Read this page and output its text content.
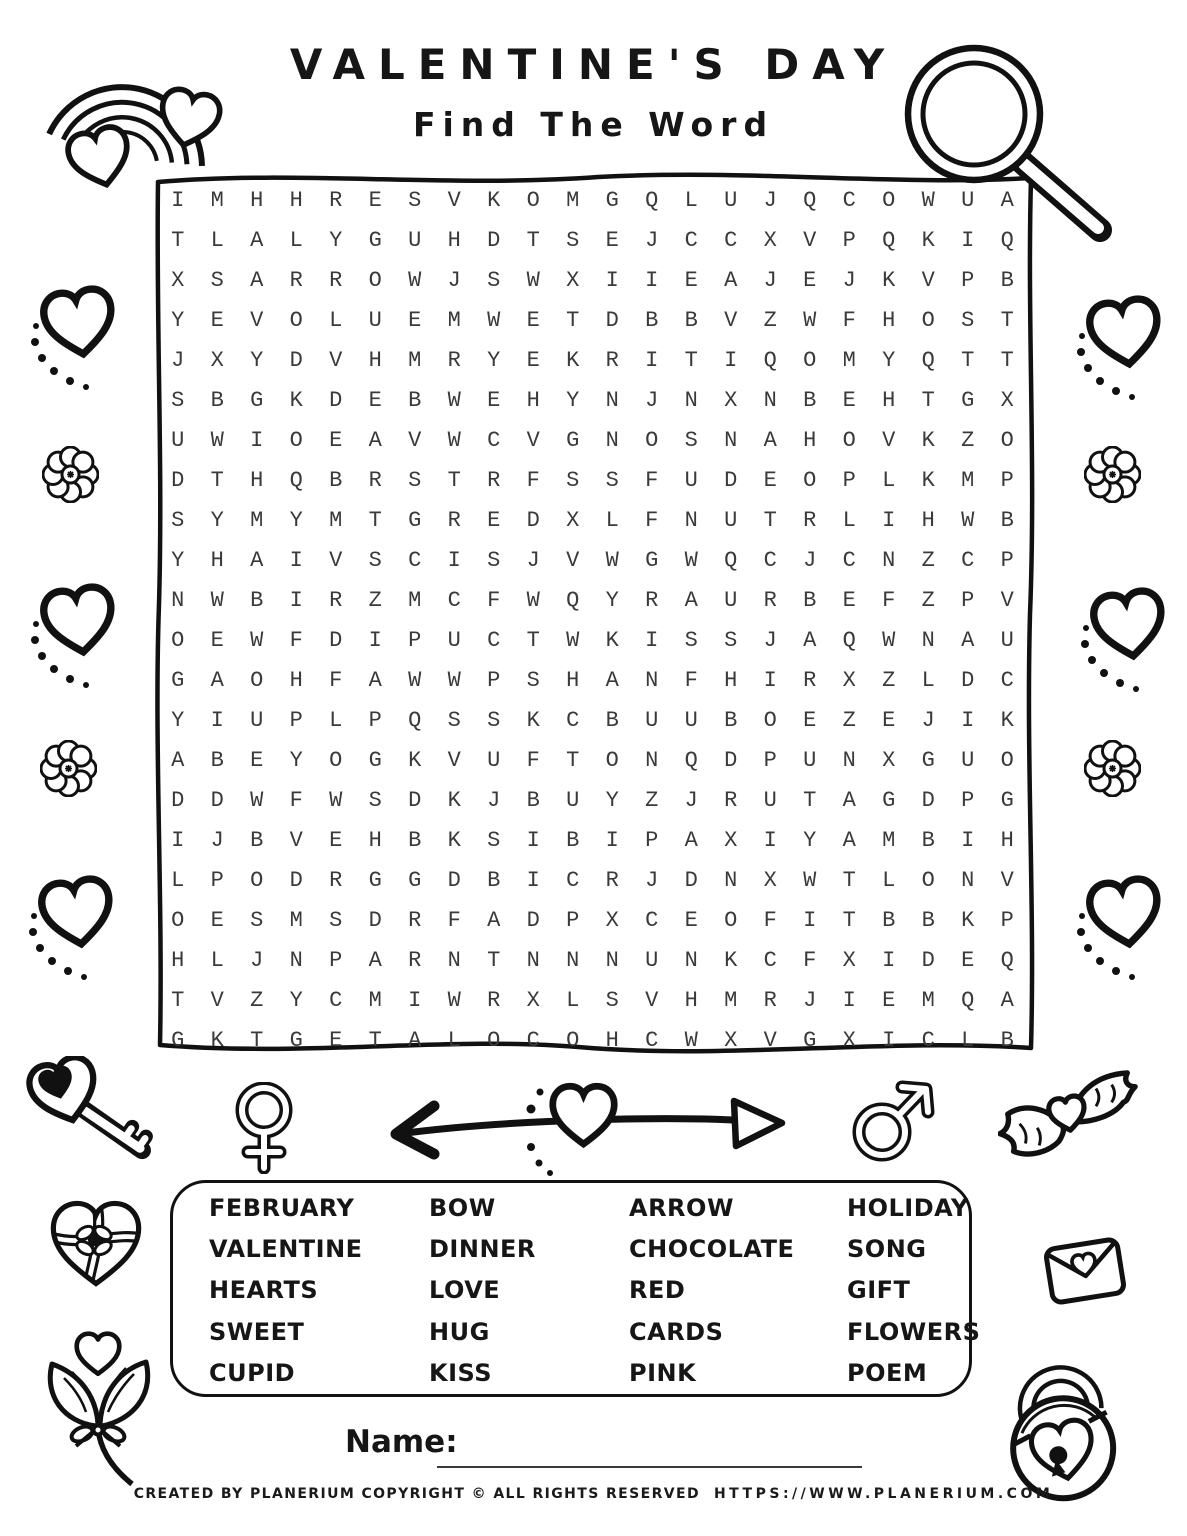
VALENTINE'S DAY
Find The Word
I	M	H	H	R	E	S	V	K	O	M	G	Q	L	U	J	Q	C	O	W	U	A
T	L	A	L	Y	G	U	H	D	T	S	E	J	C	C	X	V	P	Q	K	I	Q
X	S	A	R	R	O	W	J	S	W	X	I	I	E	A	J	E	J	K	V	P	B
Y	E	V	O	L	U	E	M	W	E	T	D	B	B	V	Z	W	F	H	O	S	T
J	X	Y	D	V	H	M	R	Y	E	K	R	I	T	I	Q	O	M	Y	Q	T	T
S	B	G	K	D	E	B	W	E	H	Y	N	J	N	X	N	B	E	H	T	G	X
U	W	I	O	E	A	V	W	C	V	G	N	O	S	N	A	H	O	V	K	Z	O
D	T	H	Q	B	R	S	T	R	F	S	S	F	U	D	E	O	P	L	K	M	P
S	Y	M	Y	M	T	G	R	E	D	X	L	F	N	U	T	R	L	I	H	W	B
Y	H	A	I	V	S	C	I	S	J	V	W	G	W	Q	C	J	C	N	Z	C	P
N	W	B	I	R	Z	M	C	F	W	Q	Y	R	A	U	R	B	E	F	Z	P	V
O	E	W	F	D	I	P	U	C	T	W	K	I	S	S	J	A	Q	W	N	A	U
G	A	O	H	F	A	W	W	P	S	H	A	N	F	H	I	R	X	Z	L	D	C
Y	I	U	P	L	P	Q	S	S	K	C	B	U	U	B	O	E	Z	E	J	I	K
A	B	E	Y	O	G	K	V	U	F	T	O	N	Q	D	P	U	N	X	G	U	O
D	D	W	F	W	S	D	K	J	B	U	Y	Z	J	R	U	T	A	G	D	P	G
I	J	B	V	E	H	B	K	S	I	B	I	P	A	X	I	Y	A	M	B	I	H
L	P	O	D	R	G	G	D	B	I	C	R	J	D	N	X	W	T	L	O	N	V
O	E	S	M	S	D	R	F	A	D	P	X	C	E	O	F	I	T	B	B	K	P
H	L	J	N	P	A	R	N	T	N	N	N	U	N	K	C	F	X	I	D	E	Q
T	V	Z	Y	C	M	I	W	R	X	L	S	V	H	M	R	J	I	E	M	Q	A
G	K	T	G	E	T	A	L	O	C	O	H	C	W	X	V	G	X	I	C	L	B
FEBRUARY
VALENTINE
HEARTS
SWEET
CUPID
BOW
DINNER
LOVE
HUG
KISS
ARROW
CHOCOLATE
RED
CARDS
PINK
HOLIDAY
SONG
GIFT
FLOWERS
POEM
Name:
CREATED BY PLANERIUM COPYRIGHT © ALL RIGHTS RESERVED HTTPS://WWW.PLANERIUM.COM
